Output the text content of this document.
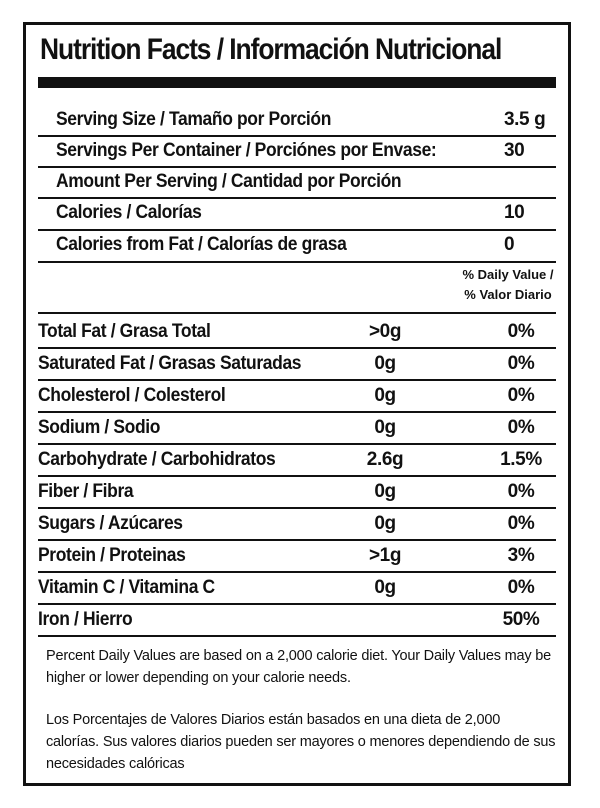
Nutrition Facts / Información Nutricional
Serving Size / Tamaño por Porción	3.5 g
Servings Per Container / Porciónes por Envase:	30
Amount Per Serving / Cantidad por Porción
Calories / Calorías	10
Calories from Fat / Calorías de grasa	0
% Daily Value /
% Valor Diario
Total Fat / Grasa Total	>0g	0%
Saturated Fat / Grasas Saturadas	0g	0%
Cholesterol / Colesterol	0g	0%
Sodium / Sodio	0g	0%
Carbohydrate / Carbohidratos	2.6g	1.5%
Fiber / Fibra	0g	0%
Sugars / Azúcares	0g	0%
Protein / Proteinas	>1g	3%
Vitamin C / Vitamina C	0g	0%
Iron / Hierro	50%
Percent Daily Values are based on a 2,000 calorie diet. Your Daily Values may be higher or lower depending on your calorie needs.
Los Porcentajes de Valores Diarios están basados en una dieta de 2,000 calorías. Sus valores diarios pueden ser mayores o menores dependiendo de sus necesidades calóricas
